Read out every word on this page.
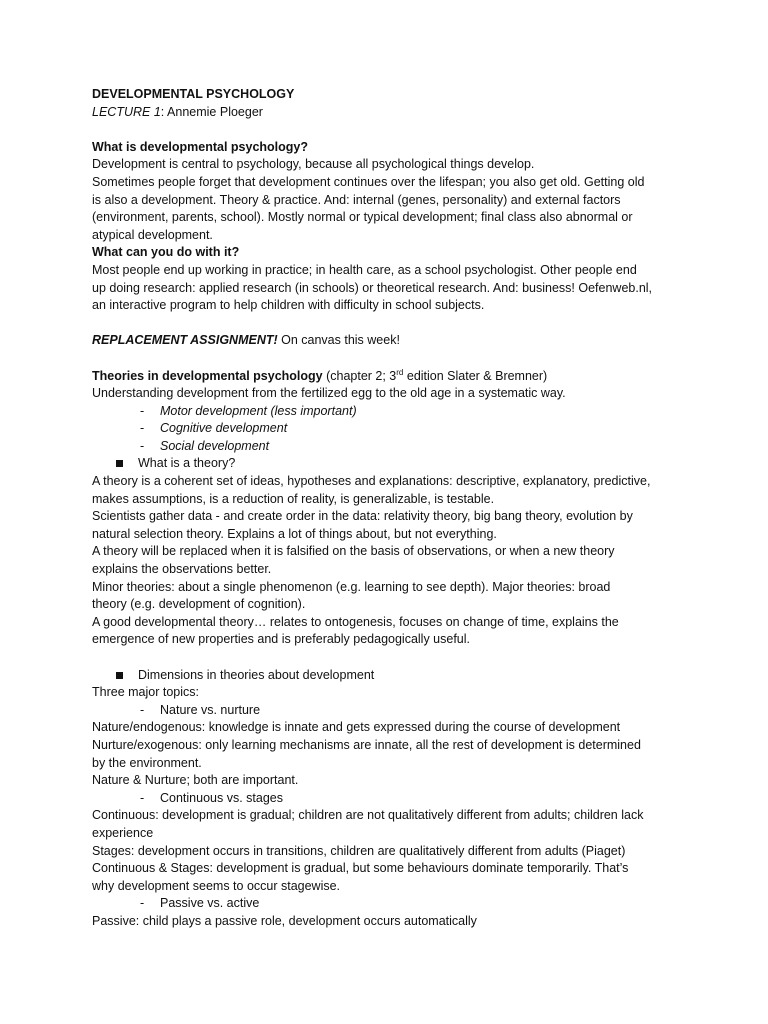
DEVELOPMENTAL PSYCHOLOGY
LECTURE 1: Annemie Ploeger
What is developmental psychology?
Development is central to psychology, because all psychological things develop.
Sometimes people forget that development continues over the lifespan; you also get old. Getting old
is also a development. Theory & practice. And: internal (genes, personality) and external factors
(environment, parents, school). Mostly normal or typical development; final class also abnormal or
atypical development.
What can you do with it?
Most people end up working in practice; in health care, as a school psychologist. Other people end
up doing research: applied research (in schools) or theoretical research. And: business! Oefenweb.nl,
an interactive program to help children with difficulty in school subjects.
REPLACEMENT ASSIGNMENT! On canvas this week!
Theories in developmental psychology (chapter 2; 3rd edition Slater & Bremner)
Understanding development from the fertilized egg to the old age in a systematic way.
- Motor development (less important)
- Cognitive development
- Social development
What is a theory?
A theory is a coherent set of ideas, hypotheses and explanations: descriptive, explanatory, predictive,
makes assumptions, is a reduction of reality, is generalizable, is testable.
Scientists gather data - and create order in the data: relativity theory, big bang theory, evolution by
natural selection theory. Explains a lot of things about, but not everything.
A theory will be replaced when it is falsified on the basis of observations, or when a new theory
explains the observations better.
Minor theories: about a single phenomenon (e.g. learning to see depth). Major theories: broad
theory (e.g. development of cognition).
A good developmental theory… relates to ontogenesis, focuses on change of time, explains the
emergence of new properties and is preferably pedagogically useful.
Dimensions in theories about development
Three major topics:
- Nature vs. nurture
Nature/endogenous: knowledge is innate and gets expressed during the course of development
Nurture/exogenous: only learning mechanisms are innate, all the rest of development is determined
by the environment.
Nature & Nurture; both are important.
- Continuous vs. stages
Continuous: development is gradual; children are not qualitatively different from adults; children lack
experience
Stages: development occurs in transitions, children are qualitatively different from adults (Piaget)
Continuous & Stages: development is gradual, but some behaviours dominate temporarily. That’s
why development seems to occur stagewise.
- Passive vs. active
Passive: child plays a passive role, development occurs automatically
